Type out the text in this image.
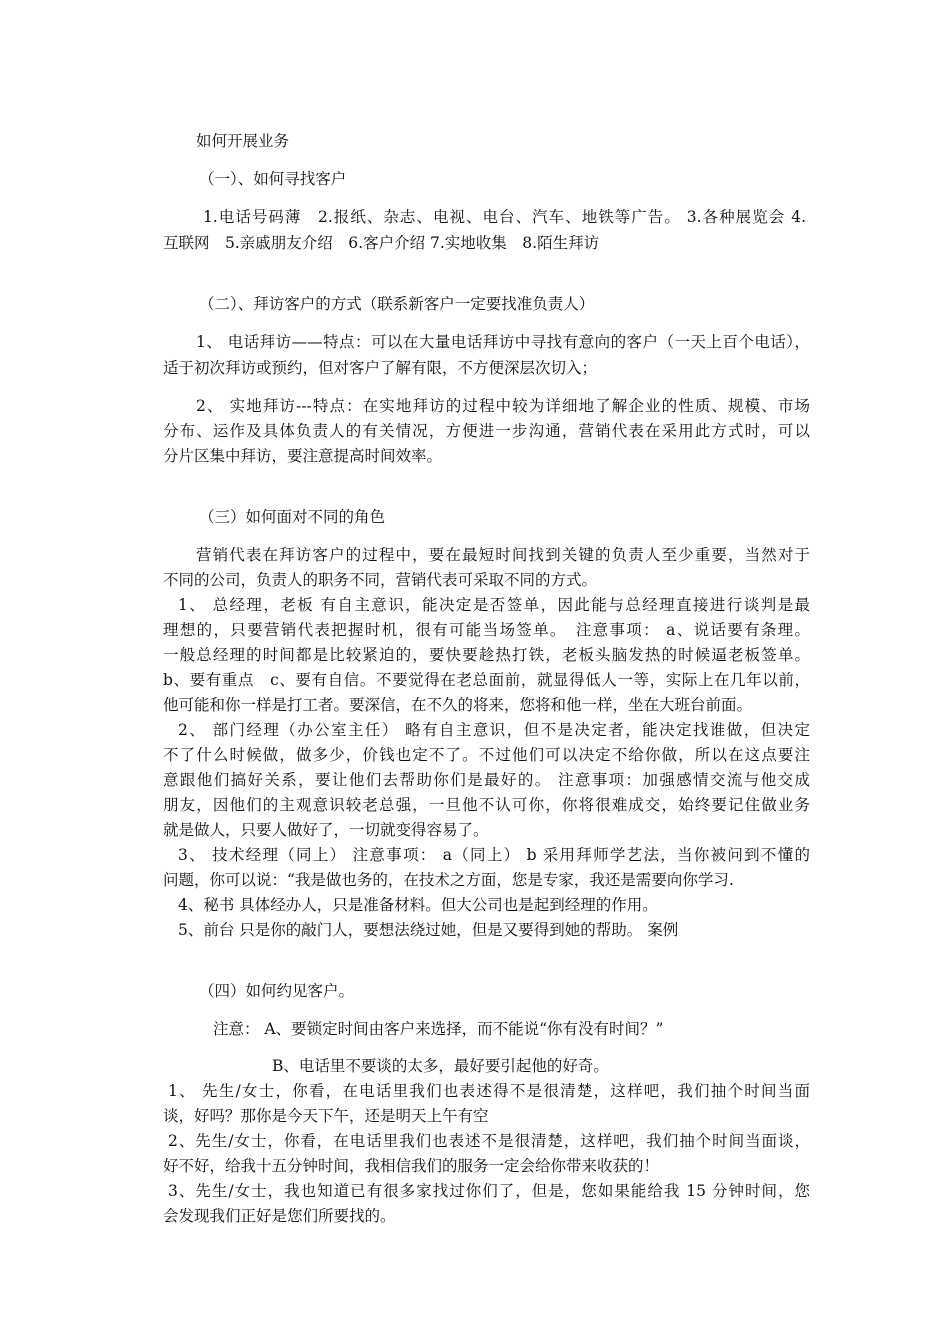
如何开展业务

（一）、如何寻找客户

1.电话号码薄　2.报纸、杂志、电视、电台、汽车、地铁等广告。 3.各种展览会 4.

互联网　5.亲戚朋友介绍　6.客户介绍 7.实地收集　8.陌生拜访

（二）、拜访客户的方式（联系新客户一定要找准负责人）

1、 电话拜访——特点：可以在大量电话拜访中寻找有意向的客户（一天上百个电话），

适于初次拜访或预约，但对客户了解有限，不方便深层次切入；

2、 实地拜访---特点：在实地拜访的过程中较为详细地了解企业的性质、规模、市场

分布、运作及具体负责人的有关情况，方便进一步沟通，营销代表在采用此方式时，可以

分片区集中拜访，要注意提高时间效率。

（三）如何面对不同的角色

营销代表在拜访客户的过程中，要在最短时间找到关键的负责人至少重要，当然对于

不同的公司，负责人的职务不同，营销代表可采取不同的方式。

1、 总经理，老板 有自主意识，能决定是否签单，因此能与总经理直接进行谈判是最

理想的，只要营销代表把握时机，很有可能当场签单。　注意事项： a、说话要有条理。

一般总经理的时间都是比较紧迫的，要快要趁热打铁，老板头脑发热的时候逼老板签单。

b、要有重点　c、要有自信。不要觉得在老总面前，就显得低人一等，实际上在几年以前，

他可能和你一样是打工者。要深信，在不久的将来，您将和他一样，坐在大班台前面。

2、 部门经理（办公室主任） 略有自主意识，但不是决定者，能决定找谁做，但决定

不了什么时候做，做多少，价钱也定不了。不过他们可以决定不给你做，所以在这点要注

意跟他们搞好关系，要让他们去帮助你们是最好的。 注意事项：加强感情交流与他交成

朋友，因他们的主观意识较老总强，一旦他不认可你，你将很难成交，始终要记住做业务

就是做人，只要人做好了，一切就变得容易了。

3、 技术经理（同上） 注意事项： a（同上） b 采用拜师学艺法，当你被问到不懂的

问题，你可以说：“我是做也务的，在技术之方面，您是专家，我还是需要向你学习.

4、秘书 具体经办人，只是准备材料。但大公司也是起到经理的作用。

5、前台 只是你的敲门人，要想法绕过她，但是又要得到她的帮助。 案例

（四）如何约见客户。

注意： A、要锁定时间由客户来选择，而不能说“你有没有时间？”

B、电话里不要谈的太多，最好要引起他的好奇。

1、 先生/女士，你看，在电话里我们也表述得不是很清楚，这样吧，我们抽个时间当面

谈，好吗？那你是今天下午，还是明天上午有空

2、先生/女士，你看，在电话里我们也表述不是很清楚，这样吧，我们抽个时间当面谈，

好不好，给我十五分钟时间，我相信我们的服务一定会给你带来收获的！

3、先生/女士，我也知道已有很多家找过你们了，但是，您如果能给我 15 分钟时间，您

会发现我们正好是您们所要找的。
